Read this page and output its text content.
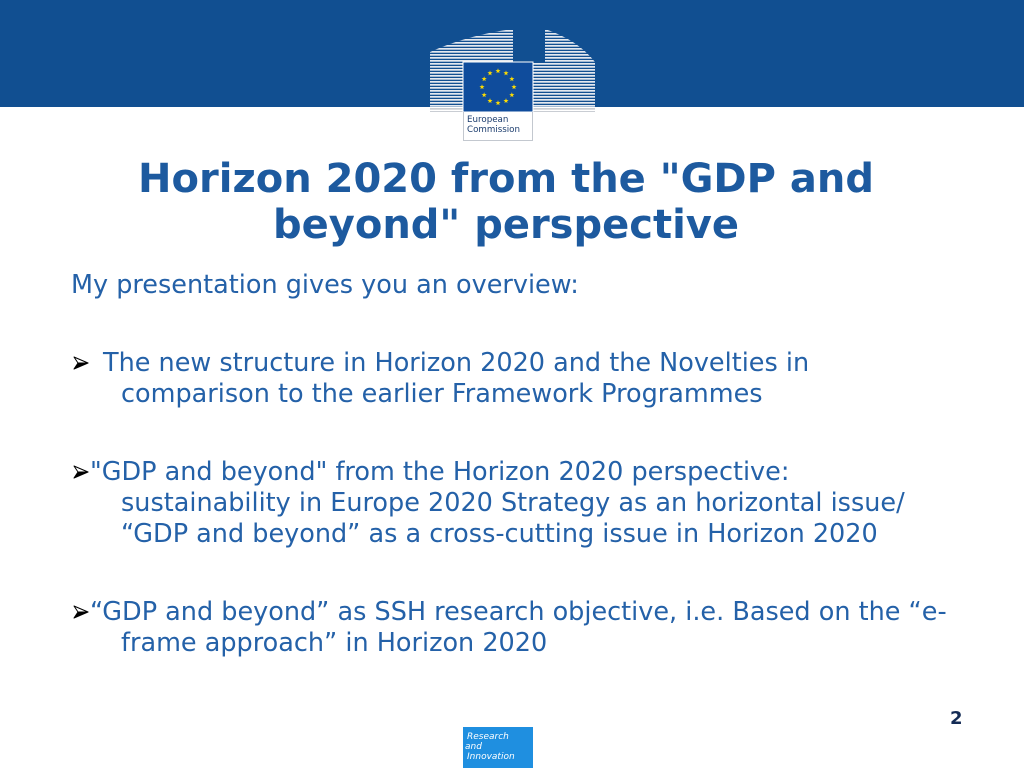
European
Commission
Horizon 2020 from the "GDP and
beyond" perspective
My presentation gives you an overview:
The new structure in Horizon 2020 and the Novelties in
comparison to the earlier Framework Programmes
"GDP and beyond" from the Horizon 2020 perspective:
sustainability in Europe 2020 Strategy as an horizontal issue/
“GDP and beyond” as a cross-cutting issue in Horizon 2020
“GDP and beyond” as SSH research objective, i.e. Based on the “e-
frame approach” in Horizon 2020
2
Research
and
Innovation
